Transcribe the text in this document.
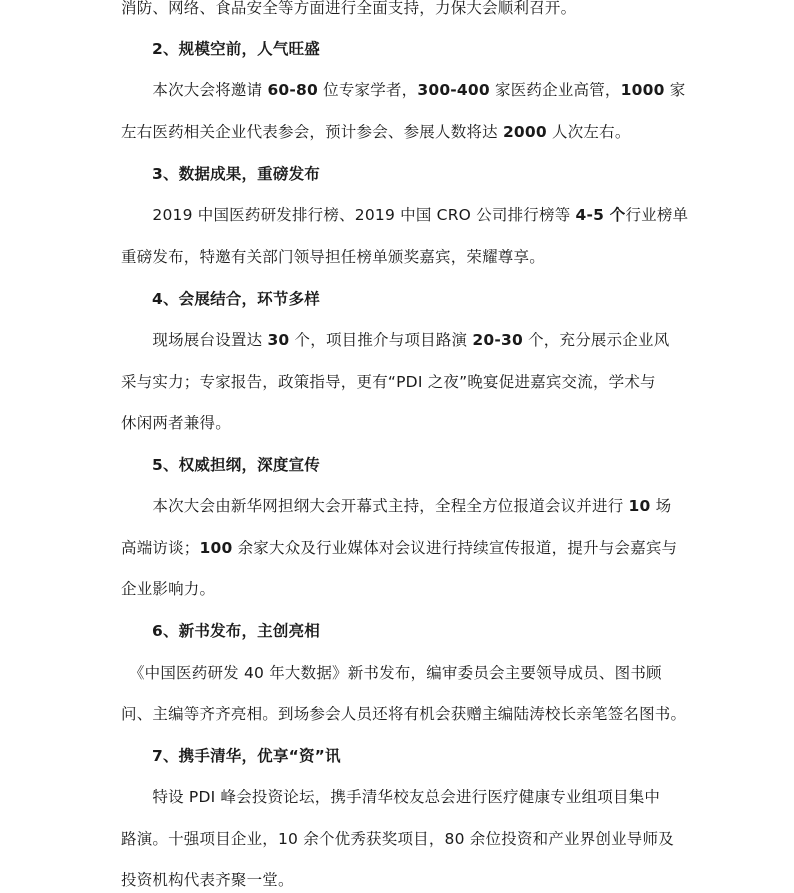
消防、网络、食品安全等方面进行全面支持，力保大会顺利召开。
2、规模空前，人气旺盛
　　本次大会将邀请 60-80 位专家学者，300-400 家医药企业高管，1000 家
左右医药相关企业代表参会，预计参会、参展人数将达 2000 人次左右。
3、数据成果，重磅发布
　　2019 中国医药研发排行榜、2019 中国 CRO 公司排行榜等 4-5 个行业榜单
重磅发布，特邀有关部门领导担任榜单颁奖嘉宾，荣耀尊享。
4、会展结合，环节多样
　　现场展台设置达 30 个，项目推介与项目路演 20-30 个，充分展示企业风
采与实力；专家报告，政策指导，更有“PDI 之夜”晚宴促进嘉宾交流，学术与
休闲两者兼得。
5、权威担纲，深度宣传
　　本次大会由新华网担纲大会开幕式主持，全程全方位报道会议并进行 10 场
高端访谈；100 余家大众及行业媒体对会议进行持续宣传报道，提升与会嘉宾与
企业影响力。
6、新书发布，主创亮相
　《中国医药研发 40 年大数据》新书发布，编审委员会主要领导成员、图书顾
问、主编等齐齐亮相。到场参会人员还将有机会获赠主编陆涛校长亲笔签名图书。
7、携手清华，优享“资”讯
　　特设 PDI 峰会投资论坛，携手清华校友总会进行医疗健康专业组项目集中
路演。十强项目企业，10 余个优秀获奖项目，80 余位投资和产业界创业导师及
投资机构代表齐聚一堂。
